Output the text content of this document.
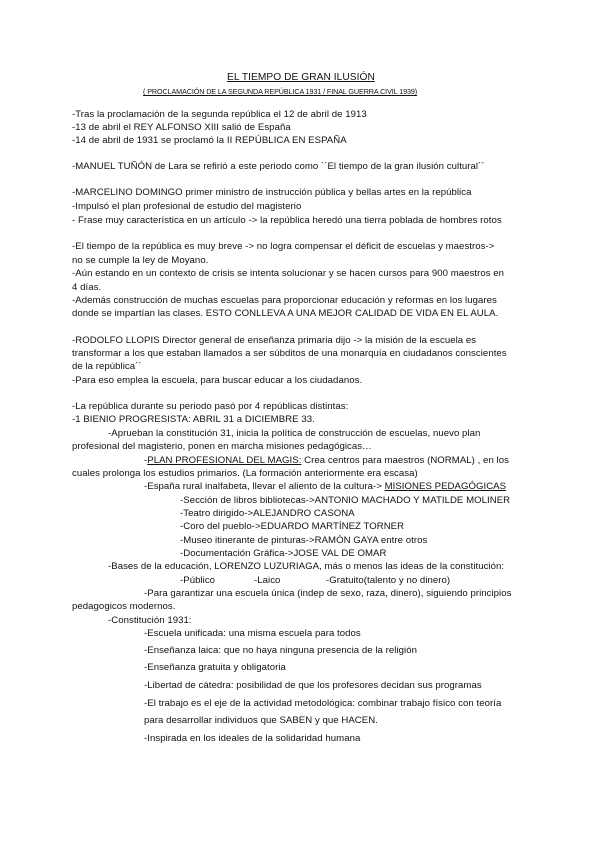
EL TIEMPO DE GRAN ILUSIÓN
( PROCLAMACIÓN DE LA SEGUNDA REPÚBLICA 1931 / FINAL GUERRA CIVIL 1939)
-Tras la proclamación de la segunda república el 12 de abril de 1913
-13 de abril el REY ALFONSO XIII salió de España
-14 de abril de 1931 se proclamó la II REPÚBLICA EN ESPAÑA
-MANUEL TUÑÓN de Lara se refirió a este periodo como ´´El tiempo de la gran ilusión cultural´´
-MARCELINO DOMINGO primer ministro de instrucción pública y bellas artes en la república
-Impulsó el plan profesional de estudio del magisterio
- Frase muy característica en un artículo -> la república heredó una tierra poblada de hombres rotos
-El tiempo de la república es muy breve -> no logra compensar el déficit de escuelas y maestros->
no se cumple la ley de Moyano.
-Aún estando en un contexto de crisis se intenta solucionar y se hacen cursos para 900 maestros en
4 días.
-Además construcción de muchas escuelas para proporcionar educación y reformas en los lugares
donde se impartían las clases. ESTO CONLLEVA A UNA MEJOR CALIDAD DE VIDA EN EL AULA.
-RODOLFO LLOPIS Director general de enseñanza primaria dijo -> la misión de la escuela es
transformar a los que estaban llamados a ser súbditos de una monarquía en ciudadanos conscientes
de la república´´
-Para eso emplea la escuela, para buscar educar a los ciudadanos.
-La república durante su periodo pasó por 4 repúblicas distintas:
-1 BIENIO PROGRESISTA: ABRIL 31 a DICIEMBRE 33.
-Aprueban la constitución 31, inicia la política de construcción de escuelas, nuevo plan
profesional del magisterio, ponen en marcha misiones pedagógicas…
-PLAN PROFESIONAL DEL MAGIS: Crea centros para maestros (NORMAL) , en los
cuales prolonga los estudios primarios. (La formación anteriormente era escasa)
-España rural inalfabeta, llevar el aliento de la cultura-> MISIONES PEDAGÓGICAS
-Sección de libros bibliotecas->ANTONIO MACHADO Y MATILDE MOLINER
-Teatro dirigido->ALEJANDRO CASONA
-Coro del pueblo->EDUARDO MARTÍNEZ TORNER
-Museo itinerante de pinturas->RAMÓN GAYA entre otros
-Documentación Gráfica->JOSE VAL DE OMAR
-Bases de la educación, LORENZO LUZURIAGA, más o menos las ideas de la constitución:
-Público	-Laico	-Gratuito(talento y no dinero)
-Para garantizar una escuela única (indep de sexo, raza, dinero), siguiendo principios
pedagogicos modernos.
-Constitución 1931:
-Escuela unificada: una misma escuela para todos
-Enseñanza laica: que no haya ninguna presencia de la religión
-Enseñanza gratuita y obligatoria
-Libertad de cátedra: posibilidad de que los profesores decidan sus programas
-El trabajo es el eje de la actividad metodológica: combinar trabajo físico con teoría
para desarrollar individuos que SABEN y que HACEN.
-Inspirada en los ideales de la solidaridad humana
